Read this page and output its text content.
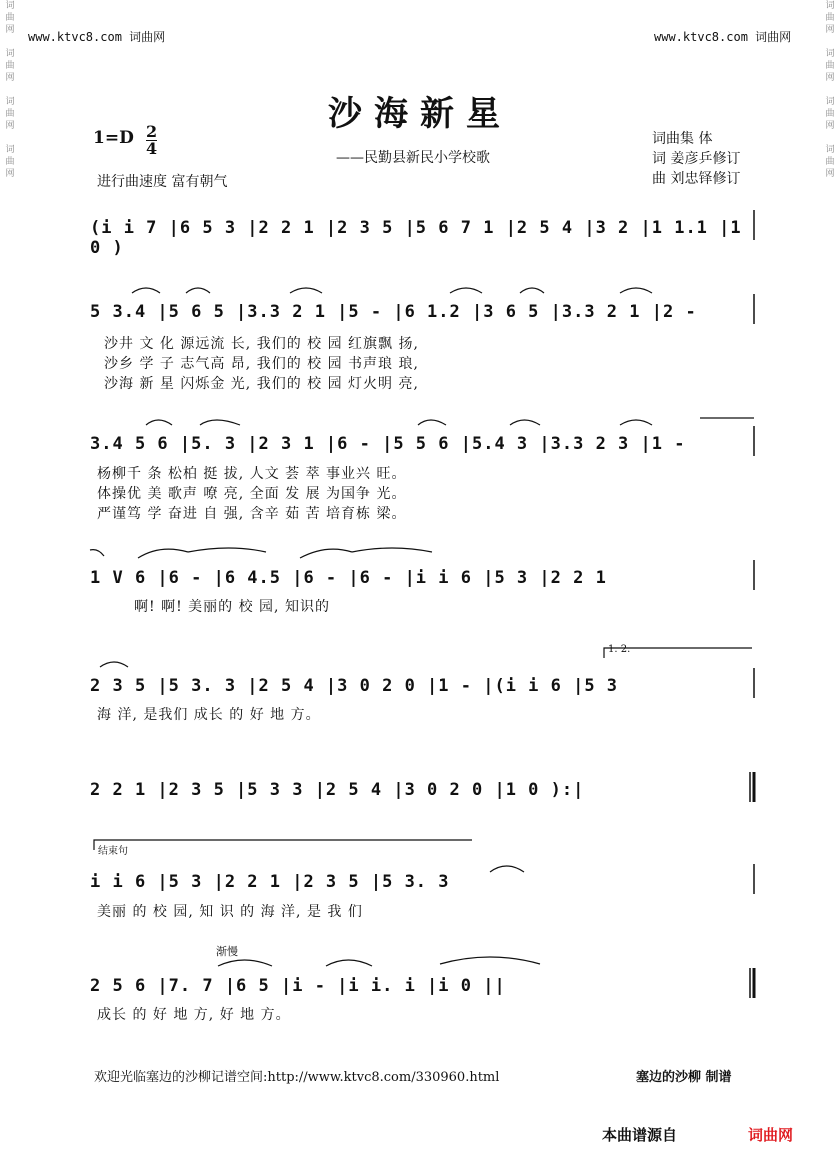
词
曲
网

词
曲
网

词
曲
网

词
曲
网
词
曲
网

词
曲
网

词
曲
网

词
曲
网
www.ktvc8.com 词曲网	www.ktvc8.com 词曲网
沙海新星
——民勤县新民小学校歌
1=D 2
4
进行曲速度 富有朝气
词曲集 体
词 姜彦乒修订
曲 刘忠铎修订
(i i 7 |6 5 3 |2 2 1 |2 3 5 |5 6 7 1 |2 5 4 |3 2 |1 1.1 |1 0 )
5 3.4 |5 6 5 |3.3 2 1 |5 - |6 1.2 |3 6 5 |3.3 2 1 |2 -
沙井 文 化 源远流 长, 我们的 校 园 红旗飘 扬,
沙乡 学 子 志气高 昂, 我们的 校 园 书声琅 琅,
沙海 新 星 闪烁金 光, 我们的 校 园 灯火明 亮,
3.4 5 6 |5. 3 |2 3 1 |6 - |5 5 6 |5.4 3 |3.3 2 3 |1 -
杨柳千 条 松柏 挺 拔, 人文 荟 萃 事业兴 旺。
体操优 美 歌声 嘹 亮, 全面 发 展 为国争 光。
严谨笃 学 奋进 自 强, 含辛 茹 苦 培育栋 梁。
1 V 6 |6 - |6 4.5 |6 - |6 - |i i 6 |5 3 |2 2 1
啊! 啊! 美丽的 校 园, 知识的
1. 2.
2 3 5 |5 3. 3 |2 5 4 |3 0 2 0 |1 - |(i i 6 |5 3
海 洋, 是我们 成长 的 好 地 方。
2 2 1 |2 3 5 |5 3 3 |2 5 4 |3 0 2 0 |1 0 ):|
结束句
i i 6 |5 3 |2 2 1 |2 3 5 |5 3. 3
美丽 的 校 园, 知 识 的 海 洋, 是 我 们
渐慢
2 5 6 |7. 7 |6 5 |i - |i i. i |i 0 ||
成长 的 好 地 方, 好 地 方。
欢迎光临塞边的沙柳记谱空间:http://www.ktvc8.com/330960.html	塞边的沙柳 制谱
本曲谱源自	词曲网
